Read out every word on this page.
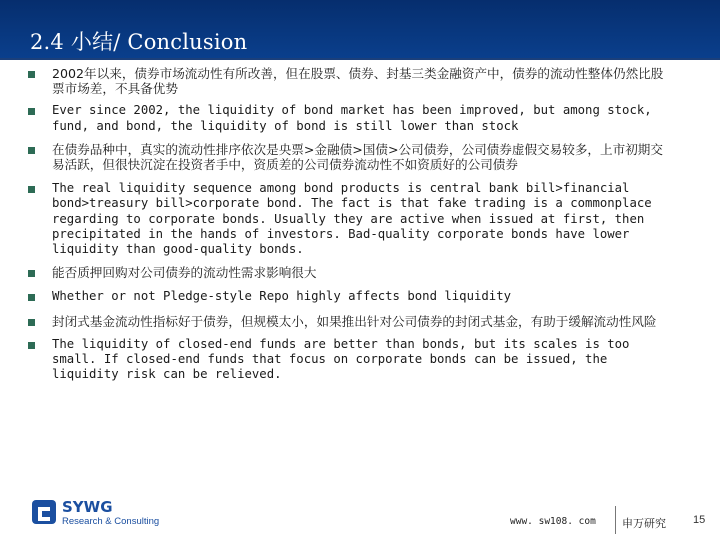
2.4 小结/ Conclusion
2002年以来，债券市场流动性有所改善，但在股票、债券、封基三类金融资产中，债券的流动性整体仍然比股票市场差，不具备优势
Ever since 2002, the liquidity of bond market has been improved, but among stock, fund, and bond, the liquidity of bond is still lower than stock
在债券品种中，真实的流动性排序依次是央票>金融债>国债>公司债券，公司债券虚假交易较多，上市初期交易活跃，但很快沉淀在投资者手中，资质差的公司债券流动性不如资质好的公司债券
The real liquidity sequence among bond products is central bank bill>financial bond>treasury bill>corporate bond. The fact is that fake trading is a commonplace regarding to corporate bonds. Usually they are active when issued at first, then precipitated in the hands of investors. Bad-quality corporate bonds have lower liquidity than good-quality bonds.
能否质押回购对公司债券的流动性需求影响很大
Whether or not Pledge-style Repo highly affects bond liquidity
封闭式基金流动性指标好于债券，但规模太小，如果推出针对公司债券的封闭式基金，有助于缓解流动性风险
The liquidity of closed-end funds are better than bonds, but its scales is too small. If closed-end funds that focus on corporate bonds can be issued, the liquidity risk can be relieved.
SYWG
Research & Consulting	www. sw108. com 申万研究 15
